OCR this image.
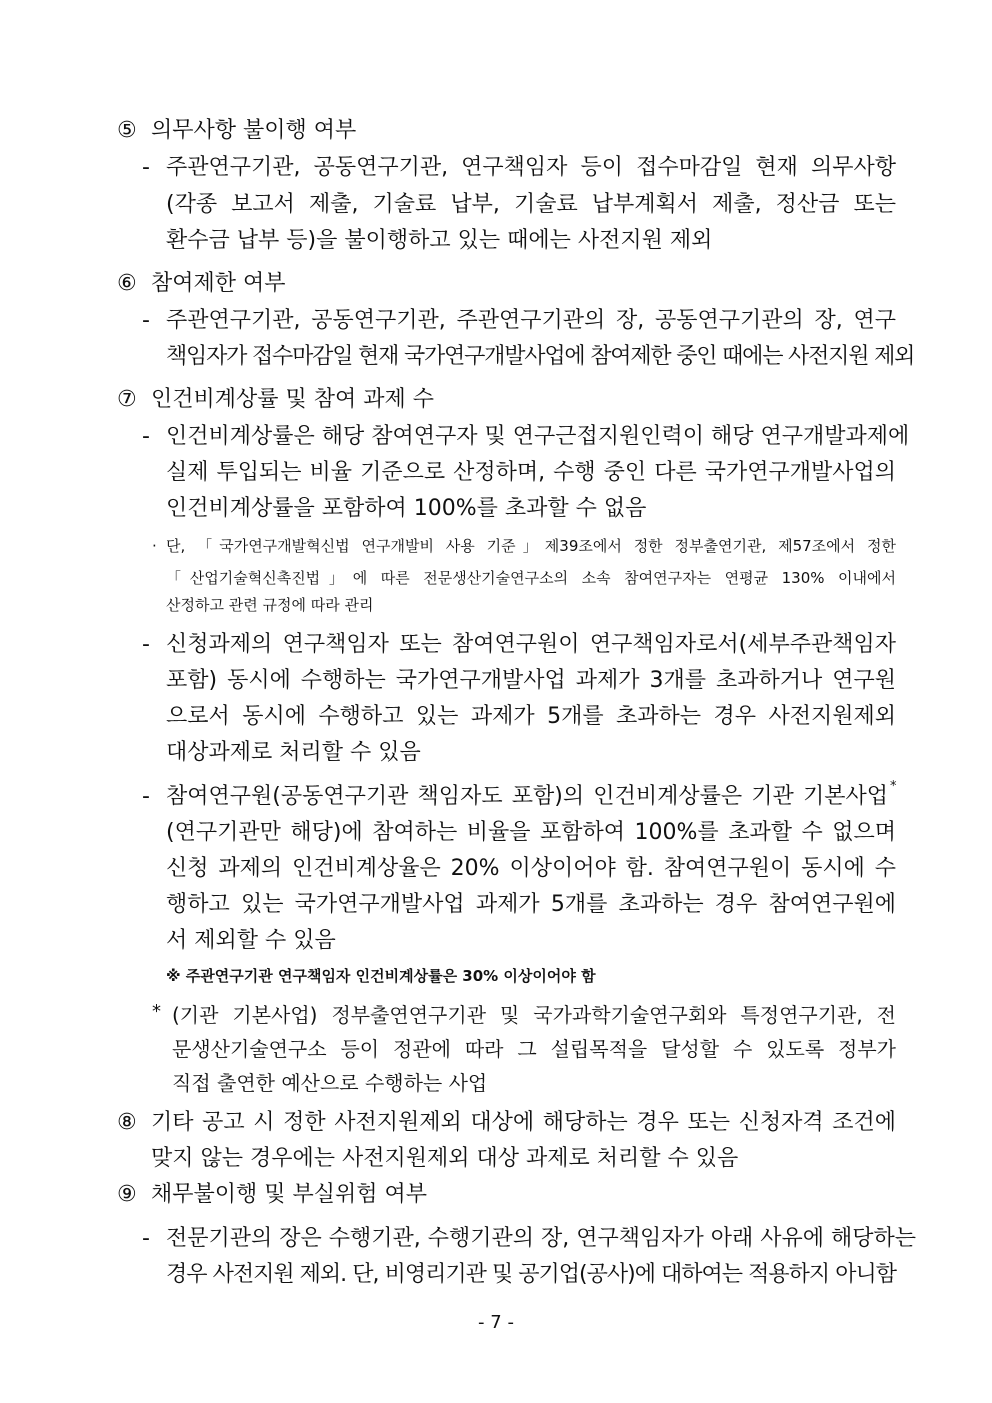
⑤ 의무사항 불이행 여부
- 주관연구기관, 공동연구기관, 연구책임자 등이 접수마감일 현재 의무사항
(각종 보고서 제출, 기술료 납부, 기술료 납부계획서 제출, 정산금 또는
환수금 납부 등)을 불이행하고 있는 때에는 사전지원 제외
⑥ 참여제한 여부
- 주관연구기관, 공동연구기관, 주관연구기관의 장, 공동연구기관의 장, 연구
책임자가 접수마감일 현재 국가연구개발사업에 참여제한 중인 때에는 사전지원 제외
⑦ 인건비계상률 및 참여 과제 수
- 인건비계상률은 해당 참여연구자 및 연구근접지원인력이 해당 연구개발과제에
실제 투입되는 비율 기준으로 산정하며, 수행 중인 다른 국가연구개발사업의
인건비계상률을 포함하여 100%를 초과할 수 없음
· 단, 「국가연구개발혁신법 연구개발비 사용 기준」제39조에서 정한 정부출연기관, 제57조에서 정한
「산업기술혁신촉진법」에 따른 전문생산기술연구소의 소속 참여연구자는 연평균 130% 이내에서
산정하고 관련 규정에 따라 관리
- 신청과제의 연구책임자 또는 참여연구원이 연구책임자로서(세부주관책임자
포함) 동시에 수행하는 국가연구개발사업 과제가 3개를 초과하거나 연구원
으로서 동시에 수행하고 있는 과제가 5개를 초과하는 경우 사전지원제외
대상과제로 처리할 수 있음
- 참여연구원(공동연구기관 책임자도 포함)의 인건비계상률은 기관 기본사업 *
(연구기관만 해당)에 참여하는 비율을 포함하여 100%를 초과할 수 없으며
신청 과제의 인건비계상율은 20% 이상이어야 함. 참여연구원이 동시에 수
행하고 있는 국가연구개발사업 과제가 5개를 초과하는 경우 참여연구원에
서 제외할 수 있음
※ 주관연구기관 연구책임자 인건비계상률은 30% 이상이어야 함
* (기관 기본사업) 정부출연연구기관 및 국가과학기술연구회와 특정연구기관, 전
문생산기술연구소 등이 정관에 따라 그 설립목적을 달성할 수 있도록 정부가
직접 출연한 예산으로 수행하는 사업
⑧ 기타 공고 시 정한 사전지원제외 대상에 해당하는 경우 또는 신청자격 조건에
맞지 않는 경우에는 사전지원제외 대상 과제로 처리할 수 있음
⑨ 채무불이행 및 부실위험 여부
- 전문기관의 장은 수행기관, 수행기관의 장, 연구책임자가 아래 사유에 해당하는
경우 사전지원 제외. 단, 비영리기관 및 공기업(공사)에 대하여는 적용하지 아니함
- 7 -
